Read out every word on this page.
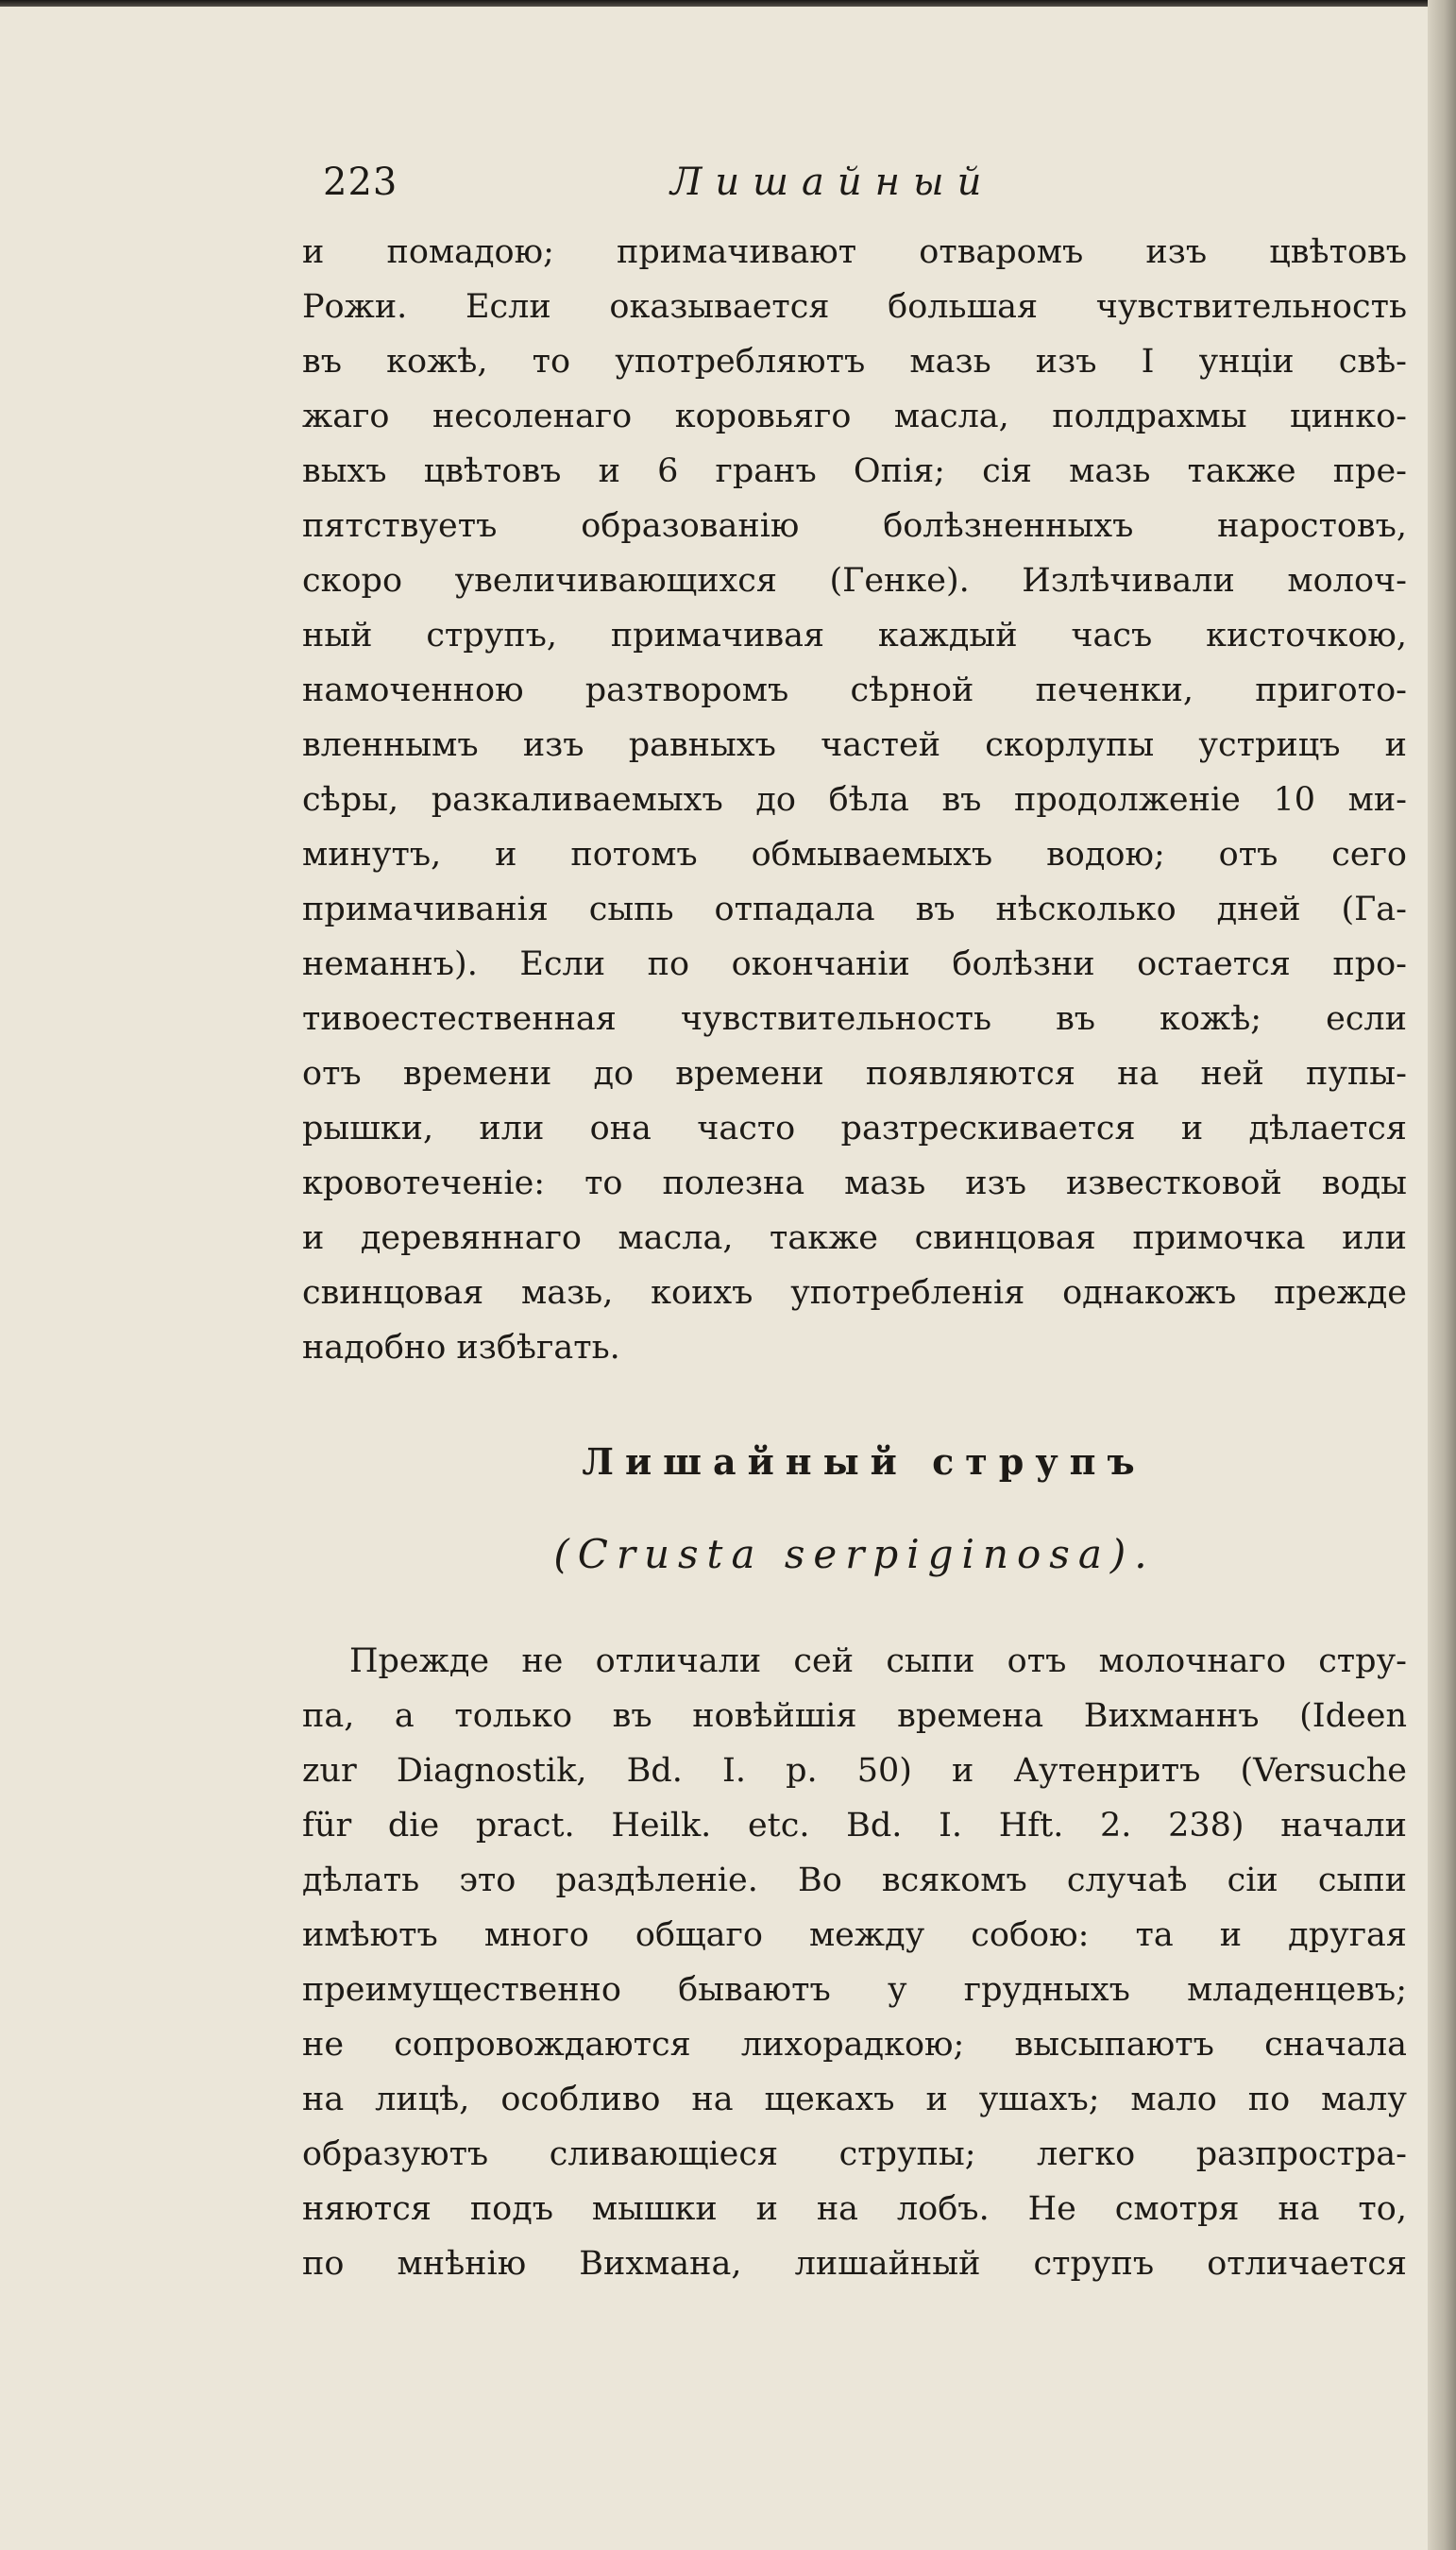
223	Лишайный
и помадою; примачивают отваромъ изъ цвѣтовъ
Рожи. Если оказывается большая чувствительность
въ кожѣ, то употребляютъ мазь изъ I унціи свѣ-
жаго несоленаго коровьяго масла, полдрахмы цинко-
выхъ цвѣтовъ и 6 гранъ Опія; сія мазь также пре-
пятствуетъ образованію болѣзненныхъ наростовъ,
скоро увеличивающихся (Генке). Излѣчивали молоч-
ный струпъ, примачивая каждый часъ кисточкою,
намоченною разтворомъ сѣрной печенки, пригото-
вленнымъ изъ равныхъ частей скорлупы устрицъ и
сѣры, разкаливаемыхъ до бѣла въ продолженіе 10 ми-
минутъ, и потомъ обмываемыхъ водою; отъ сего
примачиванія сыпь отпадала въ нѣсколько дней (Га-
неманнъ). Если по окончаніи болѣзни остается про-
тивоестественная чувствительность въ кожѣ; если
отъ времени до времени появляются на ней пупы-
рышки, или она часто разтрескивается и дѣлается
кровотеченіе: то полезна мазь изъ известковой воды
и деревяннаго масла, также свинцовая примочка или
свинцовая мазь, коихъ употребленія однакожъ прежде
надобно избѣгать.
Лишайный струпъ
(Crusta serpiginosa).
Прежде не отличали сей сыпи отъ молочнаго стру-
па, а только въ новѣйшія времена Вихманнъ (Ideen
zur Diagnostik, Bd. I. p. 50) и Аутенритъ (Versuche
für die pract. Heilk. etc. Bd. I. Hft. 2. 238) начали
дѣлать это раздѣленіе. Во всякомъ случаѣ сіи сыпи
имѣютъ много общаго между собою: та и другая
преимущественно бываютъ у грудныхъ младенцевъ;
не сопровождаются лихорадкою; высыпаютъ сначала
на лицѣ, особливо на щекахъ и ушахъ; мало по малу
образуютъ сливающіеся струпы; легко разпростра-
няются подъ мышки и на лобъ. Не смотря на то,
по мнѣнію Вихмана, лишайный струпъ отличается
